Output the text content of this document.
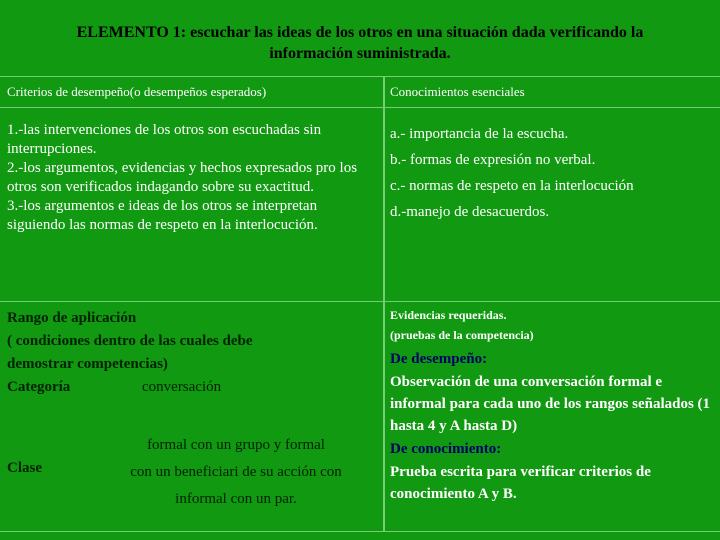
ELEMENTO 1: escuchar las ideas de los otros en una situación dada verificando la
información suministrada.
Criterios de desempeño(o desempeños esperados)	Conocimientos esenciales

1.-las intervenciones de los otros son escuchadas sin interrupciones.

2.-los argumentos, evidencias y hechos expresados pro los otros son verificados indagando sobre su exactitud.

3.-los argumentos e ideas de los otros se interpretan siguiendo las normas de respeto en la interlocución.

a.- importancia de la escucha.
b.- formas de expresión no verbal.
c.- normas de respeto en la interlocución
d.-manejo de desacuerdos.

Rango de aplicación

( condiciones dentro de las cuales debe

demostrar competencias)

Categoría	conversación

Clase
formal con un grupo y formal
con un beneficiari de su acción con
informal con un par.
Evidencias requeridas.
(pruebas de la competencia)

De desempeño:

Observación de una conversación formal e informal para cada uno de los rangos señalados (1 hasta 4 y A hasta D)

De conocimiento:

Prueba escrita para verificar criterios de conocimiento A y B.
